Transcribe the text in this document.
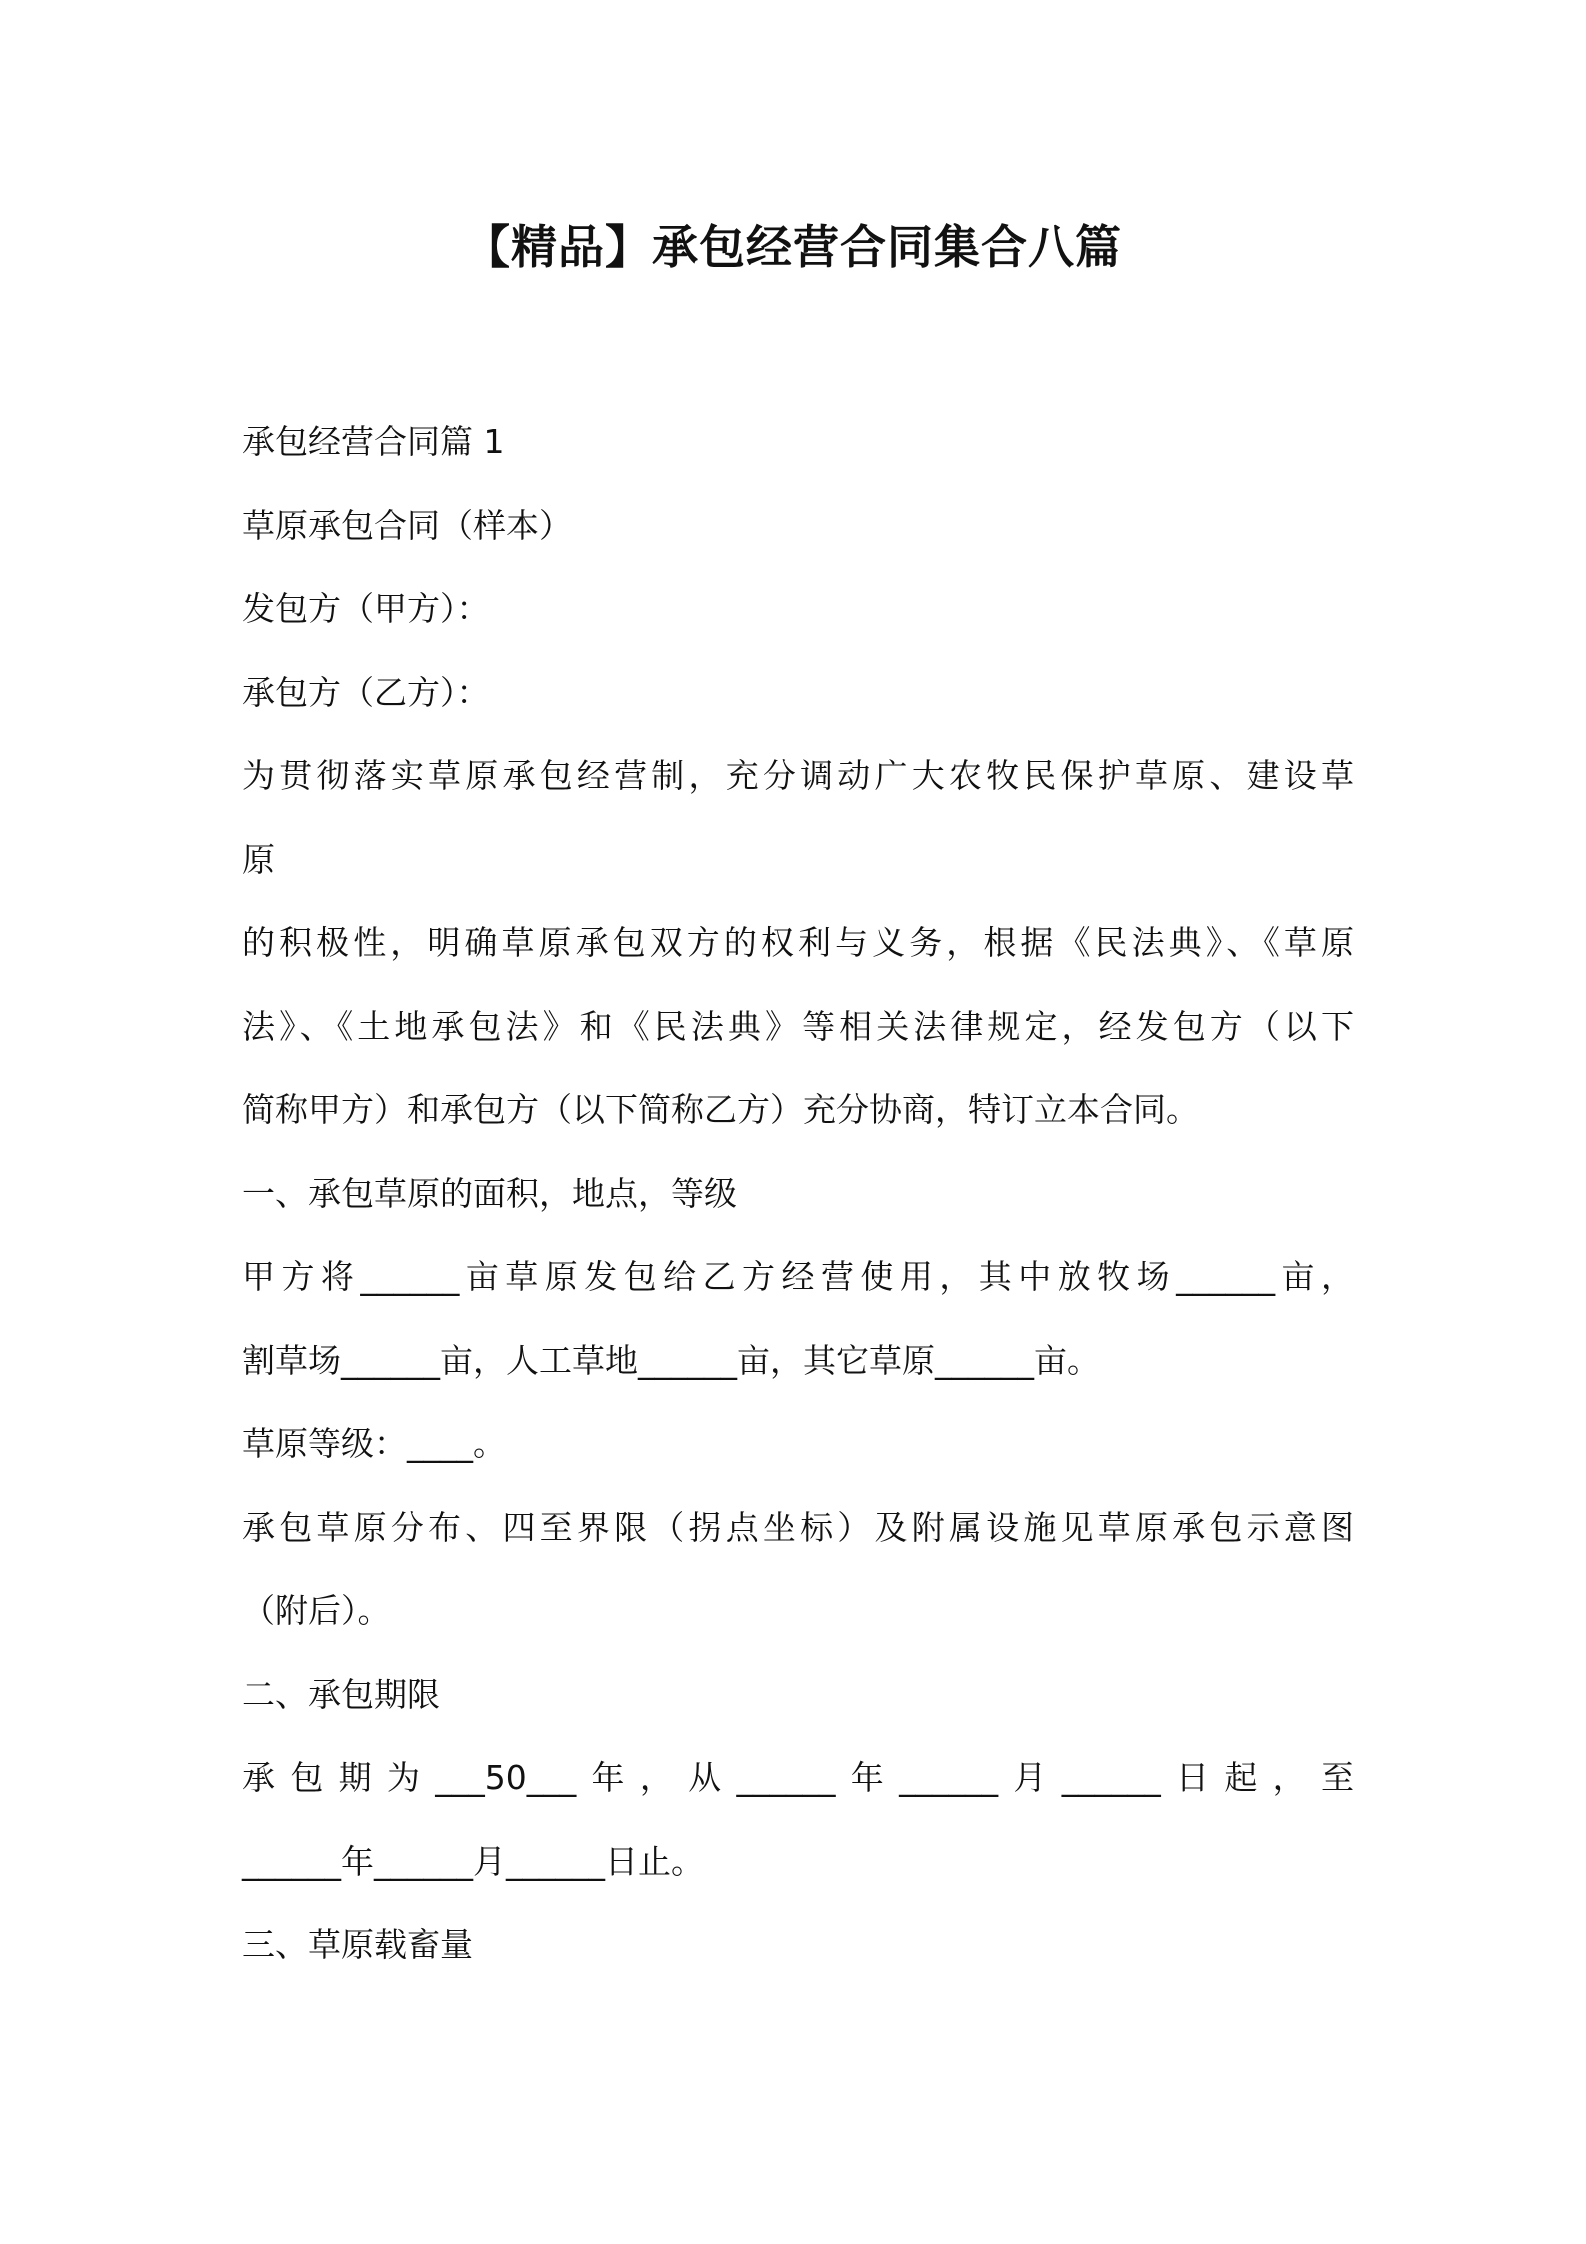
【精品】承包经营合同集合八篇
承包经营合同篇 1
草原承包合同（样本）
发包方（甲方）：
承包方（乙方）：
为贯彻落实草原承包经营制，充分调动广大农牧民保护草原、建设草
原
的积极性，明确草原承包双方的权利与义务，根据《民法典》、《草原
法》、《土地承包法》和《民法典》等相关法律规定，经发包方（以下
简称甲方）和承包方（以下简称乙方）充分协商，特订立本合同。
一、承包草原的面积，地点，等级
甲方将______亩草原发包给乙方经营使用，其中放牧场______亩，
割草场______亩，人工草地______亩，其它草原______亩。
草原等级：____。
承包草原分布、四至界限（拐点坐标）及附属设施见草原承包示意图
（附后）。
二、承包期限
承包期为___50___年，从______年______月______日起，至
______年______月______日止。
三、草原载畜量
